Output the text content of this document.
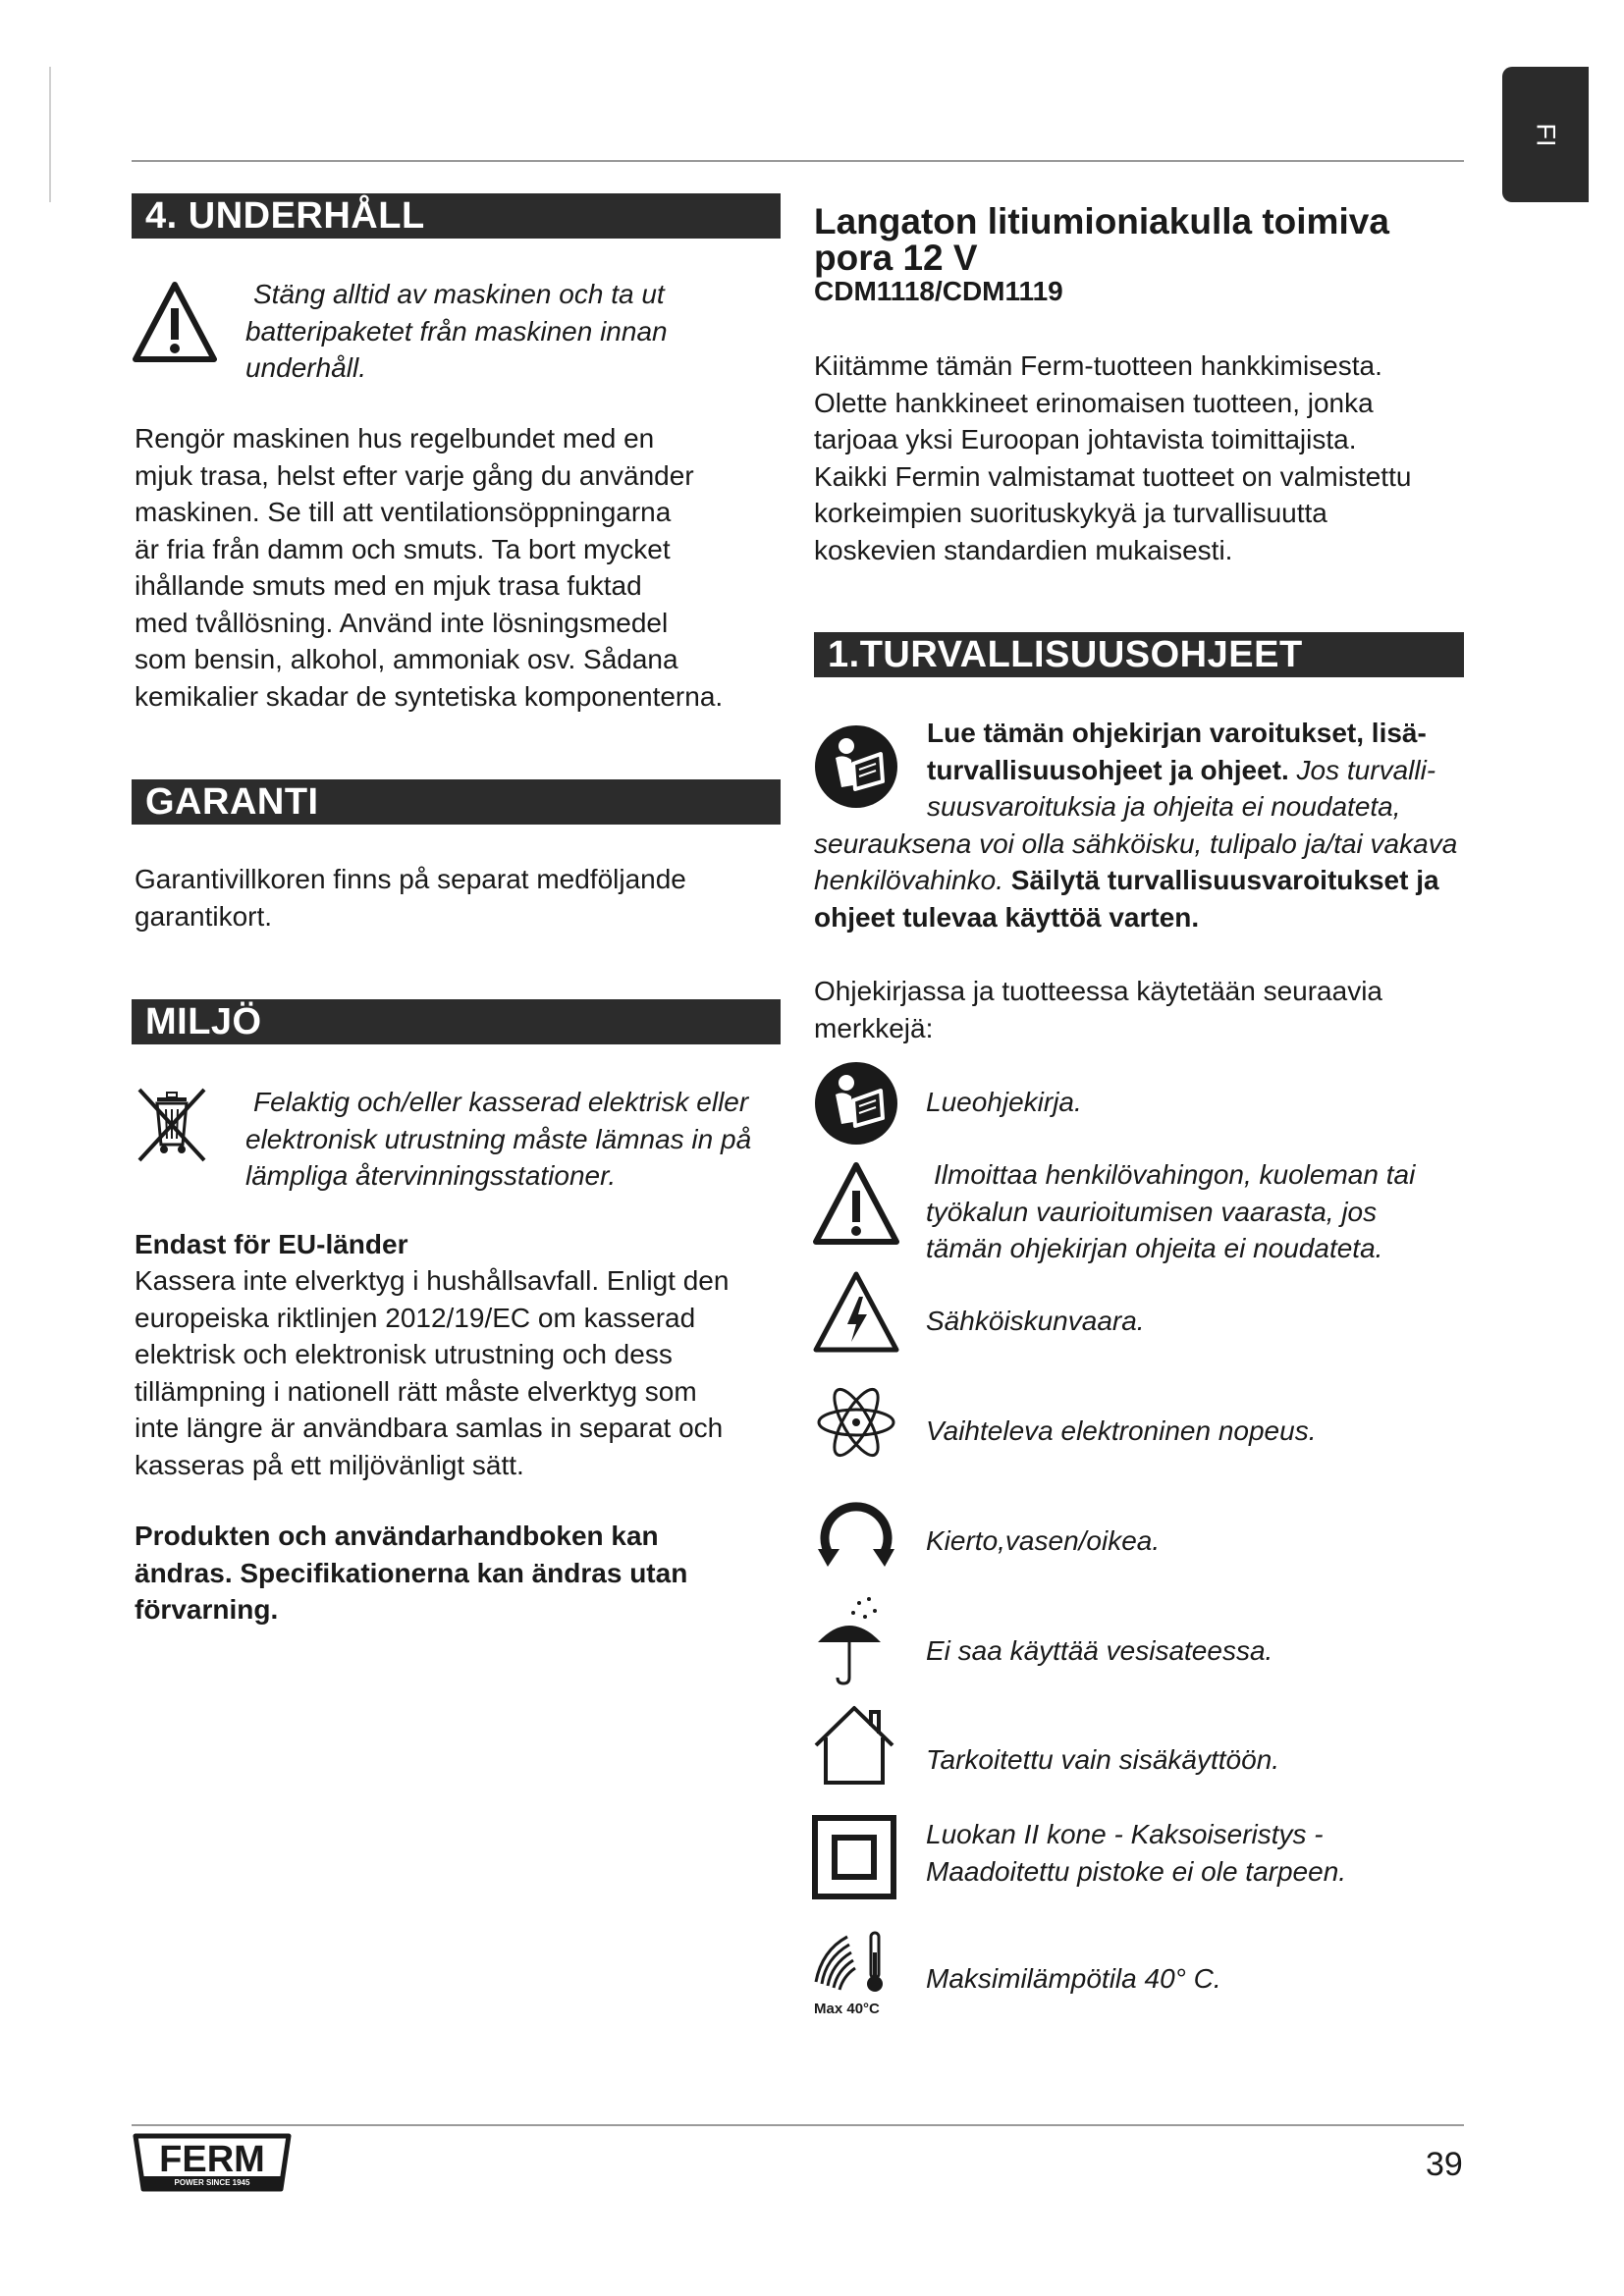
FI
4. UNDERHÅLL
Stäng alltid av maskinen och ta ut
batteripaketet från maskinen innan
underhåll.
Rengör maskinen hus regelbundet med en
mjuk trasa, helst efter varje gång du använder
maskinen. Se till att ventilationsöppningarna
är fria från damm och smuts. Ta bort mycket
ihållande smuts med en mjuk trasa fuktad
med tvållösning. Använd inte lösningsmedel
som bensin, alkohol, ammoniak osv. Sådana
kemikalier skadar de syntetiska komponenterna.
GARANTI
Garantivillkoren finns på separat medföljande
garantikort.
MILJÖ
Felaktig och/eller kasserad elektrisk eller
elektronisk utrustning måste lämnas in på
lämpliga återvinningsstationer.
Endast för EU-länder
Kassera inte elverktyg i hushållsavfall. Enligt den
europeiska riktlinjen 2012/19/EC om kasserad
elektrisk och elektronisk utrustning och dess
tillämpning i nationell rätt måste elverktyg som
inte längre är användbara samlas in separat och
kasseras på ett miljövänligt sätt.
Produkten och användarhandboken kan
ändras. Specifikationerna kan ändras utan
förvarning.
Langaton litiumioniakulla toimiva
pora 12 V
CDM1118/CDM1119
Kiitämme tämän Ferm-tuotteen hankkimisesta.
Olette hankkineet erinomaisen tuotteen, jonka
tarjoaa yksi Euroopan johtavista toimittajista.
Kaikki Fermin valmistamat tuotteet on valmistettu
korkeimpien suorituskykyä ja turvallisuutta
koskevien standardien mukaisesti.
1.TURVALLISUUSOHJEET
Lue tämän ohjekirjan varoitukset, lisä-
turvallisuusohjeet ja ohjeet. Jos turvalli-
suusvaroituksia ja ohjeita ei noudateta,
seurauksena voi olla sähköisku, tulipalo ja/tai vakava
henkilövahinko. Säilytä turvallisuusvaroitukset ja
ohjeet tulevaa käyttöä varten.
Ohjekirjassa ja tuotteessa käytetään seuraavia
merkkejä:
Lueohjekirja.
Ilmoittaa henkilövahingon, kuoleman tai
työkalun vaurioitumisen vaarasta, jos
tämän ohjekirjan ohjeita ei noudateta.
Sähköiskunvaara.
Vaihteleva elektroninen nopeus.
Kierto,vasen/oikea.
Ei saa käyttää vesisateessa.
Tarkoitettu vain sisäkäyttöön.
Luokan II kone - Kaksoiseristys -
Maadoitettu pistoke ei ole tarpeen.
Max 40°C
Maksimilämpötila 40° C.
FERM
POWER SINCE 1945	39
